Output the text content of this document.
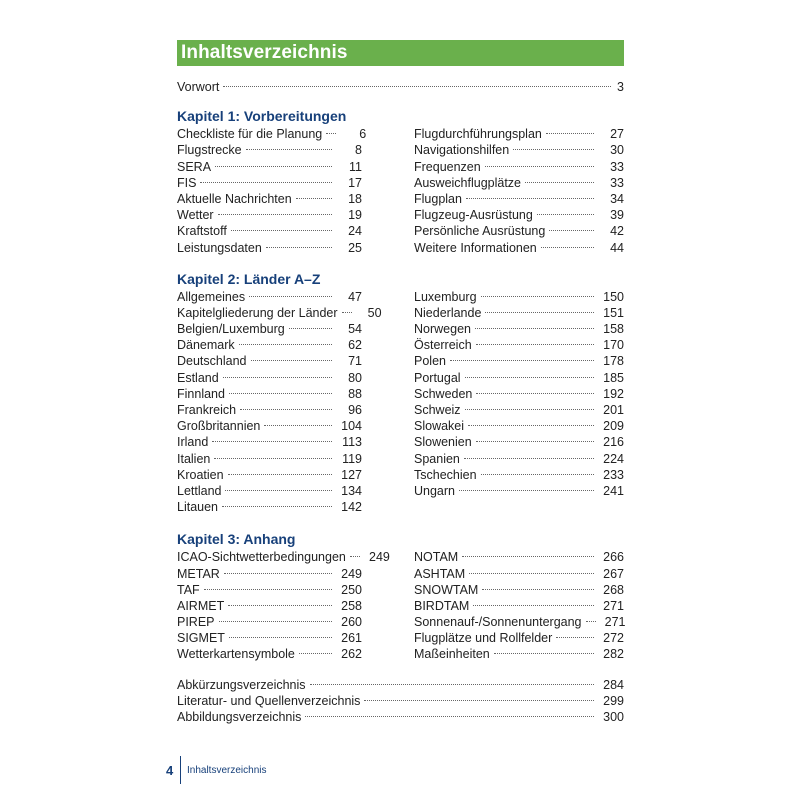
Inhaltsverzeichnis
Vorwort	3
Kapitel 1: Vorbereitungen
Checkliste für die Planung	6
Flugstrecke	8
SERA	11
FIS	17
Aktuelle Nachrichten	18
Wetter	19
Kraftstoff	24
Leistungsdaten	25
Flugdurchführungsplan	27
Navigationshilfen	30
Frequenzen	33
Ausweichflugplätze	33
Flugplan	34
Flugzeug-Ausrüstung	39
Persönliche Ausrüstung	42
Weitere Informationen	44
Kapitel 2: Länder A–Z
Allgemeines	47
Kapitelgliederung der Länder	50
Belgien/Luxemburg	54
Dänemark	62
Deutschland	71
Estland	80
Finnland	88
Frankreich	96
Großbritannien	104
Irland	113
Italien	119
Kroatien	127
Lettland	134
Litauen	142
Luxemburg	150
Niederlande	151
Norwegen	158
Österreich	170
Polen	178
Portugal	185
Schweden	192
Schweiz	201
Slowakei	209
Slowenien	216
Spanien	224
Tschechien	233
Ungarn	241
Kapitel 3: Anhang
ICAO-Sichtwetterbedingungen	249
METAR	249
TAF	250
AIRMET	258
PIREP	260
SIGMET	261
Wetterkartensymbole	262
NOTAM	266
ASHTAM	267
SNOWTAM	268
BIRDTAM	271
Sonnenauf-/Sonnenuntergang	271
Flugplätze und Rollfelder	272
Maßeinheiten	282
Abkürzungsverzeichnis	284
Literatur- und Quellenverzeichnis	299
Abbildungsverzeichnis	300
4 Inhaltsverzeichnis
